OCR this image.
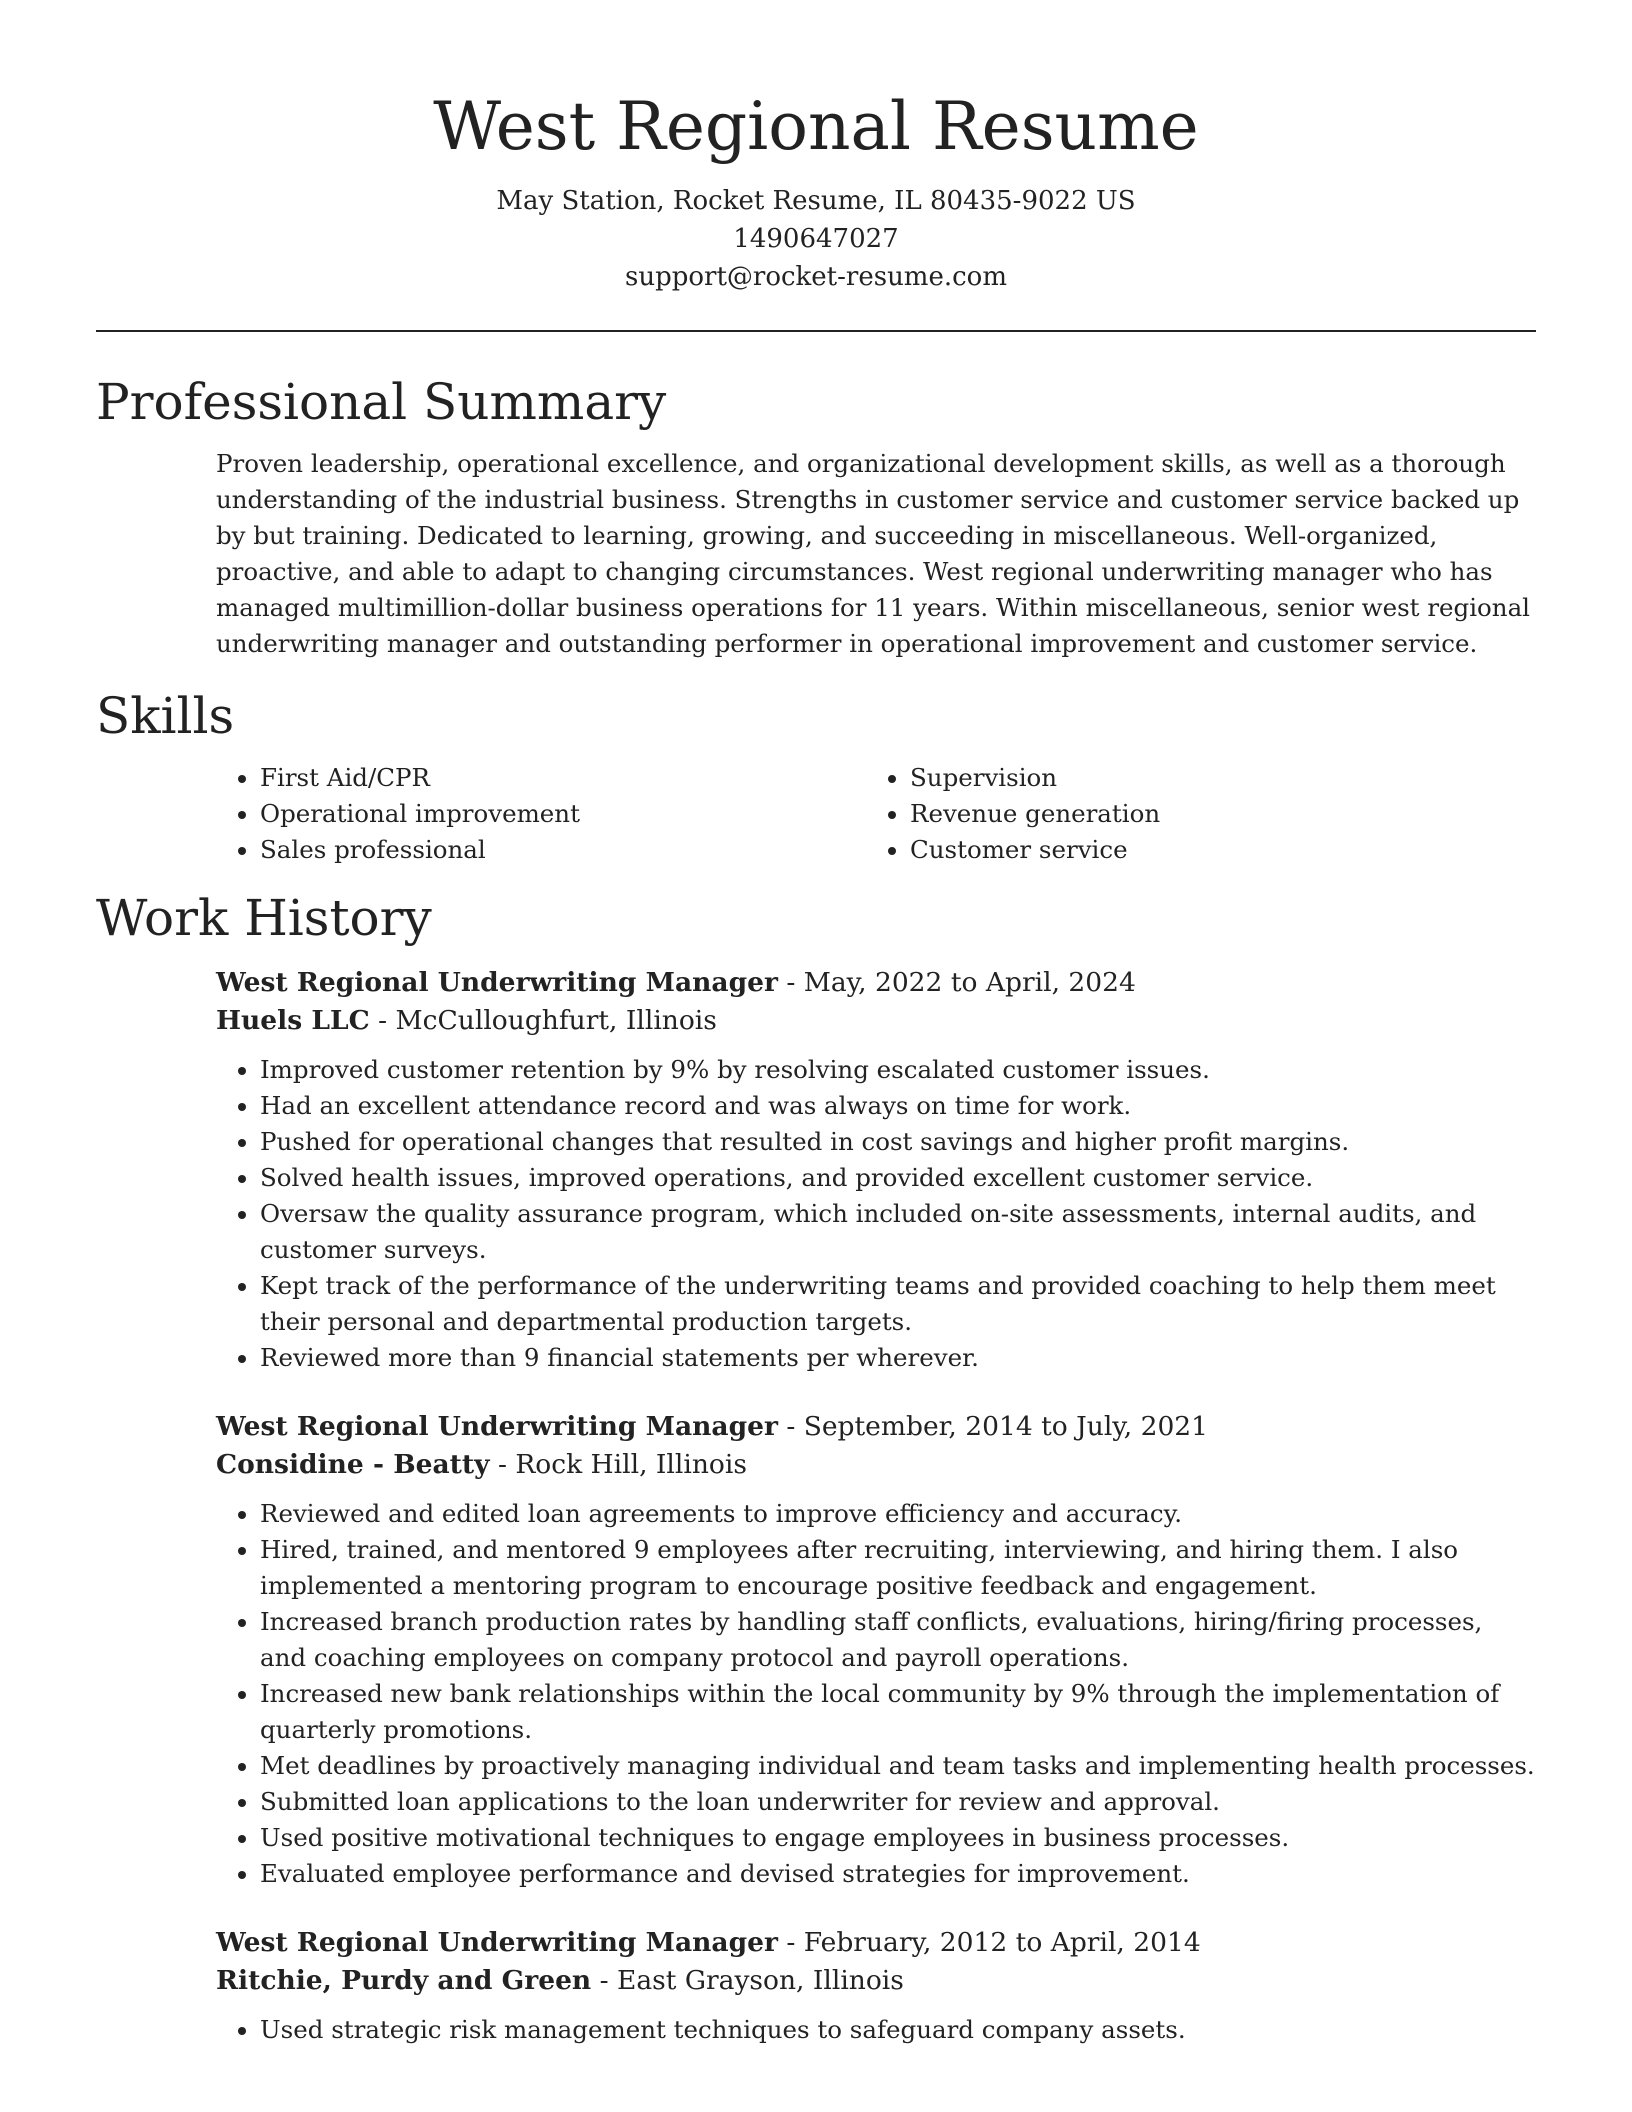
West Regional Resume
May Station, Rocket Resume, IL 80435-9022 US
1490647027
support@rocket-resume.com
Professional Summary

Proven leadership, operational excellence, and organizational development skills, as well as a thorough understanding of the industrial business. Strengths in customer service and customer service backed up by but training. Dedicated to learning, growing, and succeeding in miscellaneous. Well-organized, proactive, and able to adapt to changing circumstances. West regional underwriting manager who has managed multimillion-dollar business operations for 11 years. Within miscellaneous, senior west regional underwriting manager and outstanding performer in operational improvement and customer service.

Skills
• First Aid/CPR
• Operational improvement
• Sales professional
• Supervision
• Revenue generation
• Customer service
Work History
West Regional Underwriting Manager - May, 2022 to April, 2024
Huels LLC - McCulloughfurt, Illinois
• Improved customer retention by 9% by resolving escalated customer issues.
• Had an excellent attendance record and was always on time for work.
• Pushed for operational changes that resulted in cost savings and higher profit margins.
• Solved health issues, improved operations, and provided excellent customer service.
• Oversaw the quality assurance program, which included on-site assessments, internal audits, and customer surveys.
• Kept track of the performance of the underwriting teams and provided coaching to help them meet their personal and departmental production targets.
• Reviewed more than 9 financial statements per wherever.
West Regional Underwriting Manager - September, 2014 to July, 2021
Considine - Beatty - Rock Hill, Illinois
• Reviewed and edited loan agreements to improve efficiency and accuracy.
• Hired, trained, and mentored 9 employees after recruiting, interviewing, and hiring them. I also implemented a mentoring program to encourage positive feedback and engagement.
• Increased branch production rates by handling staff conflicts, evaluations, hiring/firing processes, and coaching employees on company protocol and payroll operations.
• Increased new bank relationships within the local community by 9% through the implementation of quarterly promotions.
• Met deadlines by proactively managing individual and team tasks and implementing health processes.
• Submitted loan applications to the loan underwriter for review and approval.
• Used positive motivational techniques to engage employees in business processes.
• Evaluated employee performance and devised strategies for improvement.
West Regional Underwriting Manager - February, 2012 to April, 2014
Ritchie, Purdy and Green - East Grayson, Illinois
• Used strategic risk management techniques to safeguard company assets.
